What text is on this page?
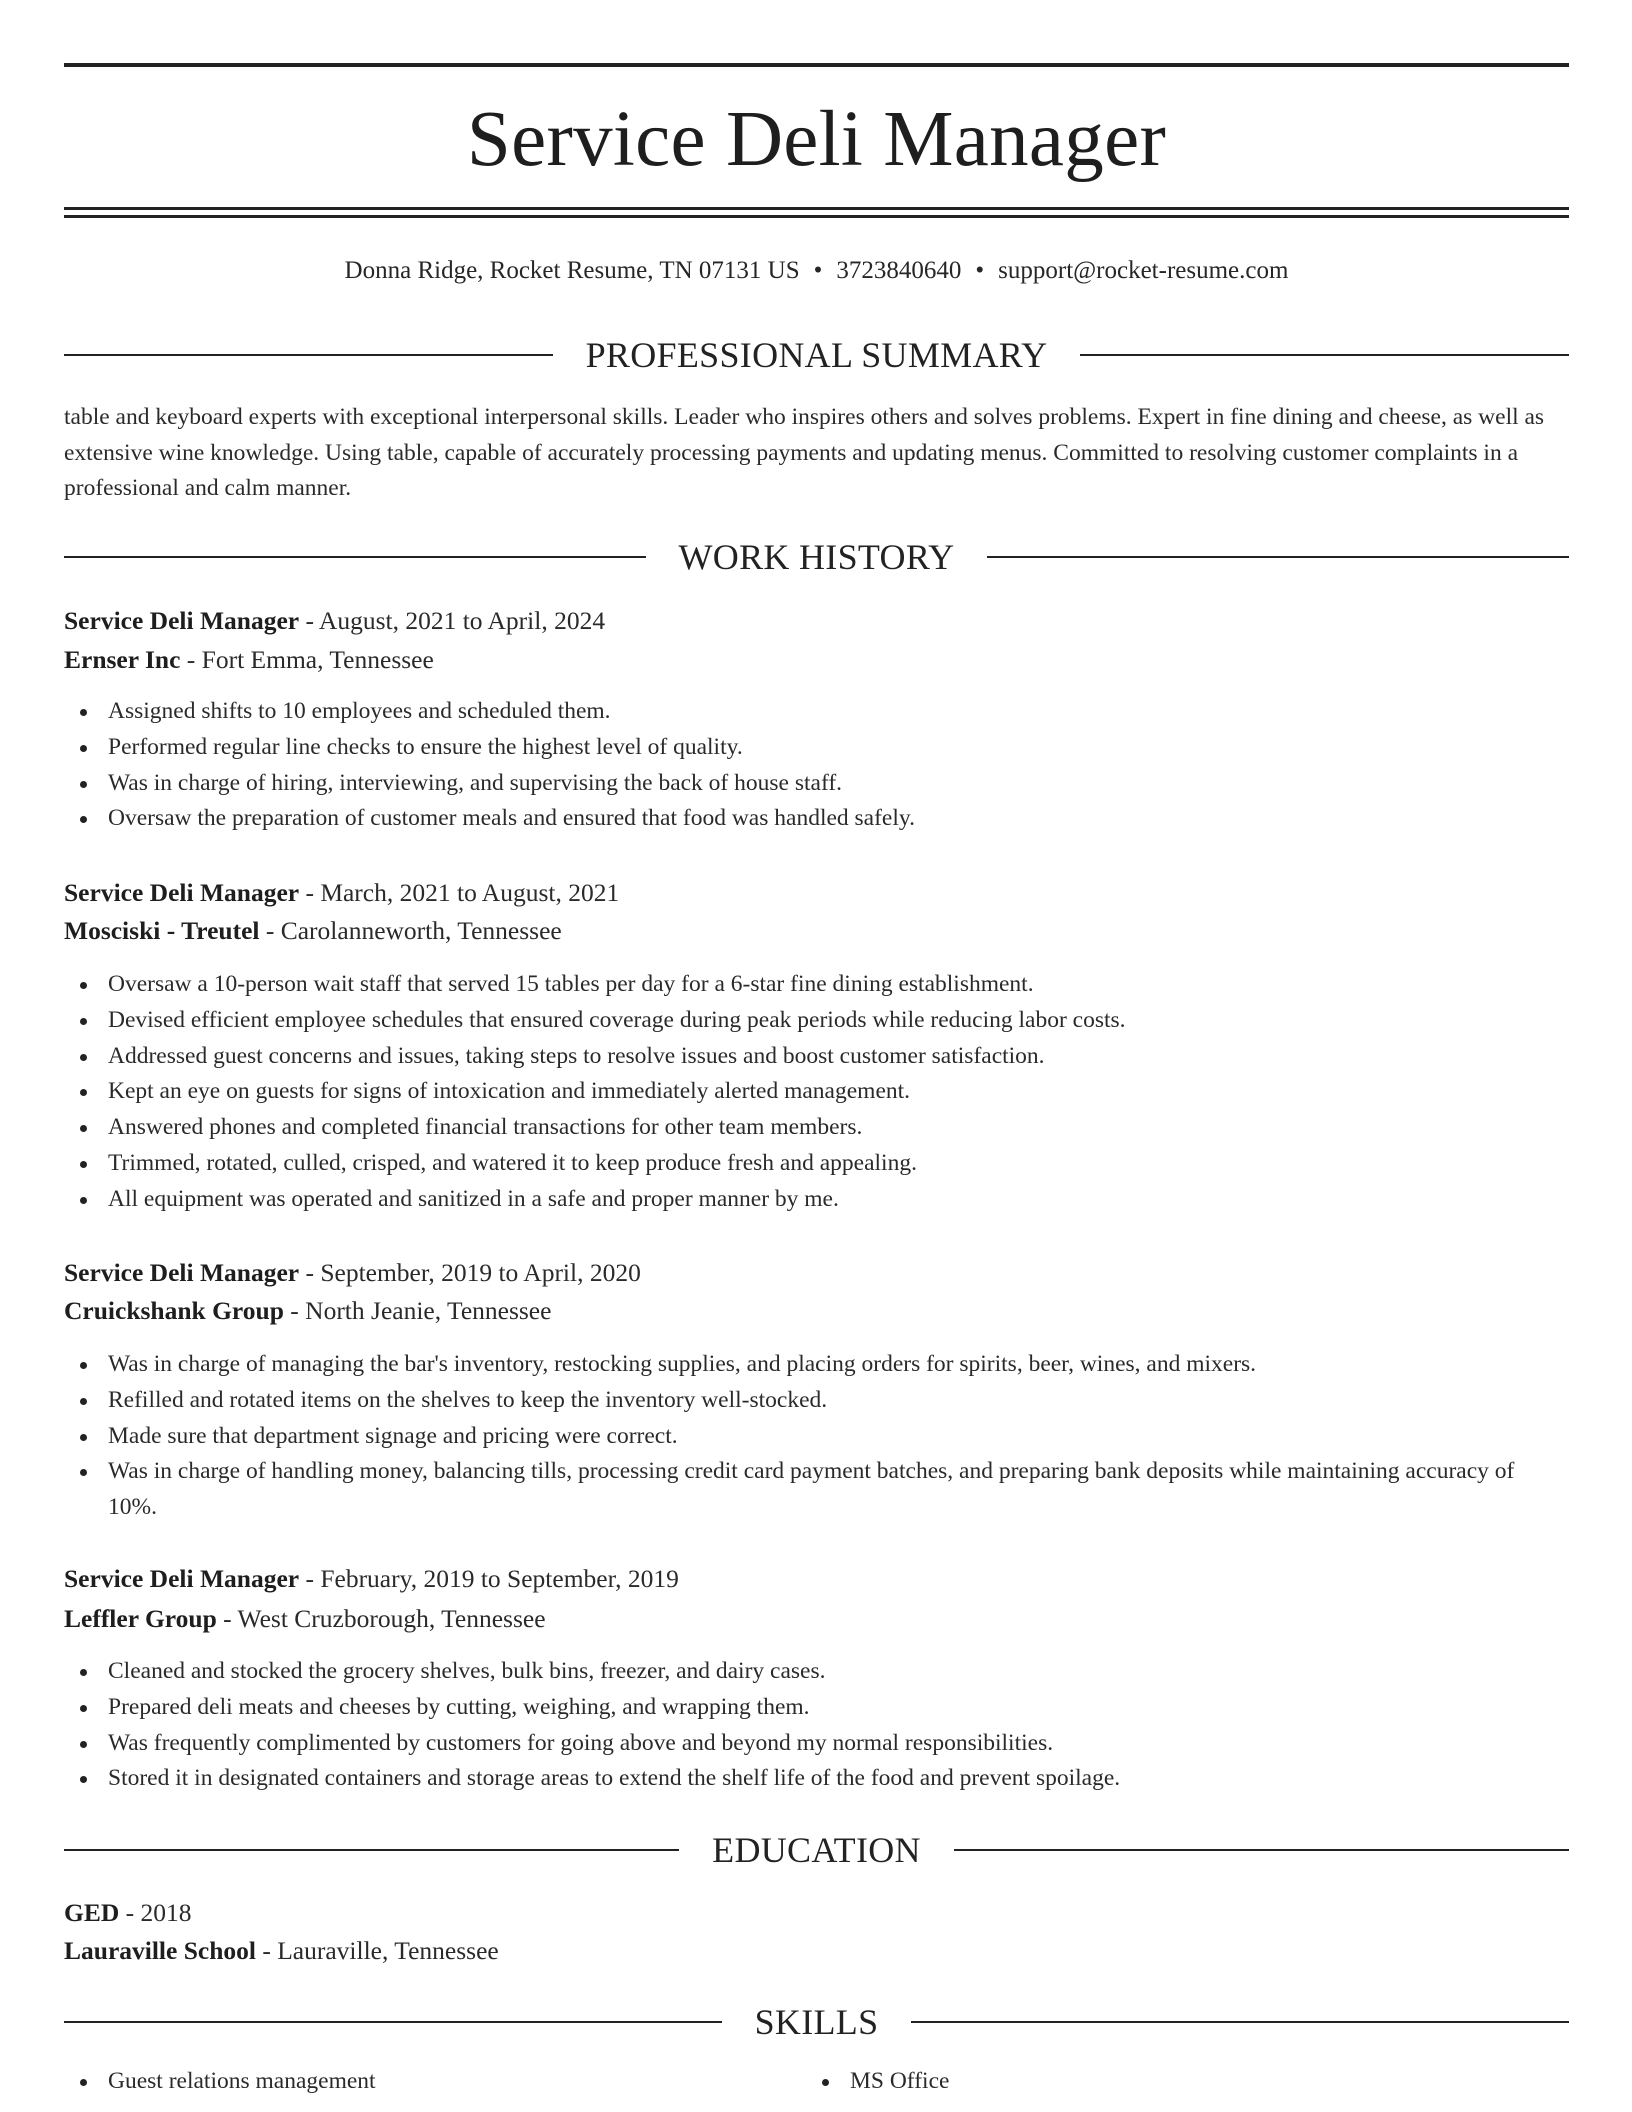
Service Deli Manager
Donna Ridge, Rocket Resume, TN 07131 US • 3723840640 • support@rocket-resume.com
PROFESSIONAL SUMMARY
table and keyboard experts with exceptional interpersonal skills. Leader who inspires others and solves problems. Expert in fine dining and cheese, as well as extensive wine knowledge. Using table, capable of accurately processing payments and updating menus. Committed to resolving customer complaints in a professional and calm manner.
WORK HISTORY
Service Deli Manager - August, 2021 to April, 2024
Ernser Inc - Fort Emma, Tennessee
Assigned shifts to 10 employees and scheduled them.
Performed regular line checks to ensure the highest level of quality.
Was in charge of hiring, interviewing, and supervising the back of house staff.
Oversaw the preparation of customer meals and ensured that food was handled safely.
Service Deli Manager - March, 2021 to August, 2021
Mosciski - Treutel - Carolanneworth, Tennessee
Oversaw a 10-person wait staff that served 15 tables per day for a 6-star fine dining establishment.
Devised efficient employee schedules that ensured coverage during peak periods while reducing labor costs.
Addressed guest concerns and issues, taking steps to resolve issues and boost customer satisfaction.
Kept an eye on guests for signs of intoxication and immediately alerted management.
Answered phones and completed financial transactions for other team members.
Trimmed, rotated, culled, crisped, and watered it to keep produce fresh and appealing.
All equipment was operated and sanitized in a safe and proper manner by me.
Service Deli Manager - September, 2019 to April, 2020
Cruickshank Group - North Jeanie, Tennessee
Was in charge of managing the bar's inventory, restocking supplies, and placing orders for spirits, beer, wines, and mixers.
Refilled and rotated items on the shelves to keep the inventory well-stocked.
Made sure that department signage and pricing were correct.
Was in charge of handling money, balancing tills, processing credit card payment batches, and preparing bank deposits while maintaining accuracy of 10%.
Service Deli Manager - February, 2019 to September, 2019
Leffler Group - West Cruzborough, Tennessee
Cleaned and stocked the grocery shelves, bulk bins, freezer, and dairy cases.
Prepared deli meats and cheeses by cutting, weighing, and wrapping them.
Was frequently complimented by customers for going above and beyond my normal responsibilities.
Stored it in designated containers and storage areas to extend the shelf life of the food and prevent spoilage.
EDUCATION
GED - 2018
Lauraville School - Lauraville, Tennessee
SKILLS
Guest relations management	MS Office
